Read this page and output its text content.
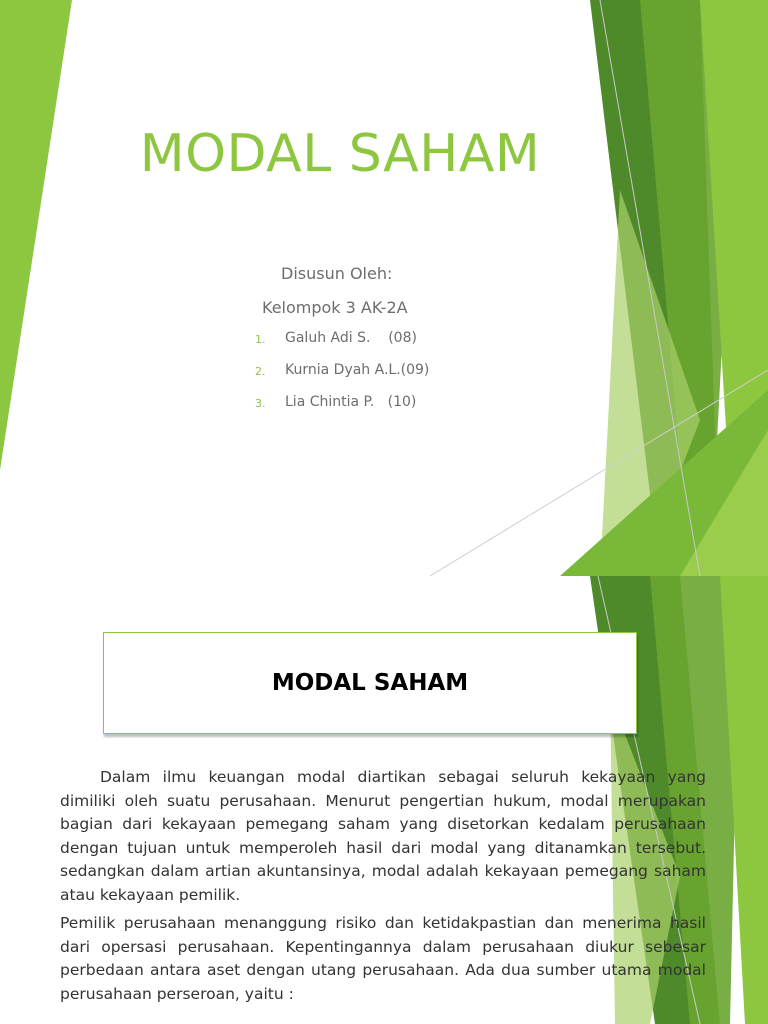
MODAL SAHAM
Disusun Oleh:
Kelompok 3 AK-2A
1.	Galuh Adi S.    (08)
2.	Kurnia Dyah A.L.(09)
3.	Lia Chintia P.   (10)
MODAL SAHAM
Dalam ilmu keuangan modal diartikan sebagai seluruh kekayaan yang dimiliki oleh suatu perusahaan. Menurut pengertian hukum, modal merupakan bagian dari kekayaan pemegang saham yang disetorkan kedalam perusahaan dengan tujuan untuk memperoleh hasil dari modal yang ditanamkan tersebut. sedangkan dalam artian akuntansinya, modal adalah kekayaan pemegang saham atau kekayaan pemilik.
Pemilik perusahaan menanggung risiko dan ketidakpastian dan menerima hasil dari opersasi perusahaan. Kepentingannya dalam perusahaan diukur sebesar perbedaan antara aset dengan utang perusahaan. Ada dua sumber utama modal perusahaan perseroan, yaitu :
